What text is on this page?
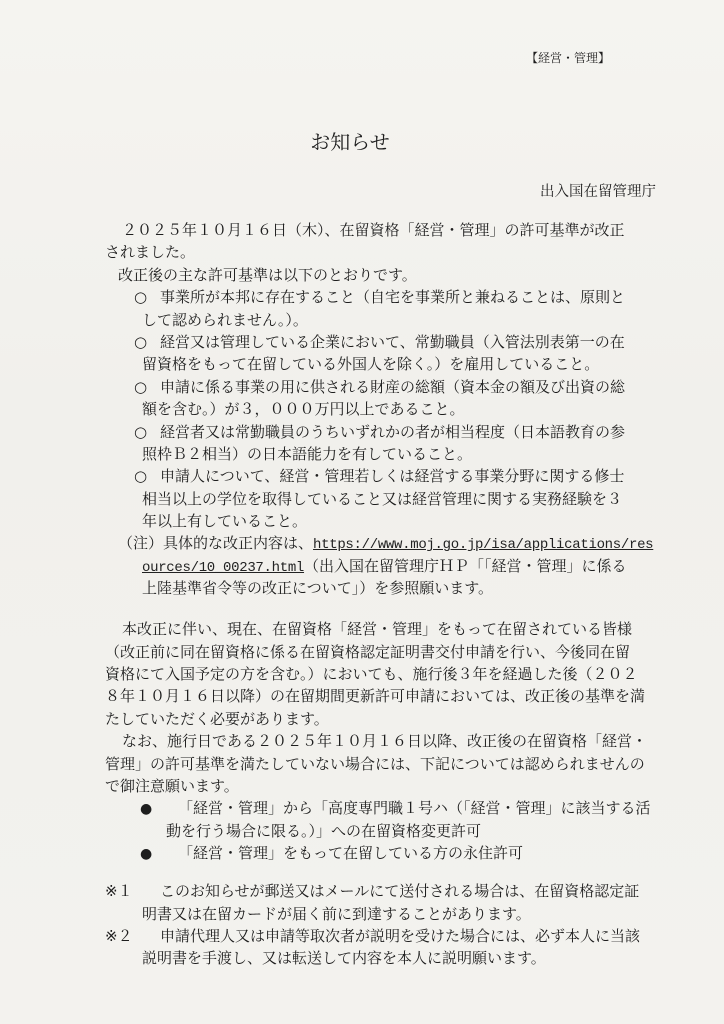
【経営・管理】
お知らせ
出入国在留管理庁
２０２５年１０月１６日（木）、在留資格「経営・管理」の許可基準が改正
されました。
改正後の主な許可基準は以下のとおりです。
○ 事業所が本邦に存在すること（自宅を事業所と兼ねることは、原則と
して認められません。）。
○ 経営又は管理している企業において、常勤職員（入管法別表第一の在
留資格をもって在留している外国人を除く。）を雇用していること。
○ 申請に係る事業の用に供される財産の総額（資本金の額及び出資の総
額を含む。）が３，０００万円以上であること。
○ 経営者又は常勤職員のうちいずれかの者が相当程度（日本語教育の参
照枠Ｂ２相当）の日本語能力を有していること。
○ 申請人について、経営・管理若しくは経営する事業分野に関する修士
相当以上の学位を取得していること又は経営管理に関する実務経験を３
年以上有していること。
（注）具体的な改正内容は、https://www.moj.go.jp/isa/applications/res
ources/10_00237.html（出入国在留管理庁ＨＰ「「経営・管理」に係る
上陸基準省令等の改正について」）を参照願います。
本改正に伴い、現在、在留資格「経営・管理」をもって在留されている皆様
（改正前に同在留資格に係る在留資格認定証明書交付申請を行い、今後同在留
資格にて入国予定の方を含む。）においても、施行後３年を経過した後（２０２
８年１０月１６日以降）の在留期間更新許可申請においては、改正後の基準を満
たしていただく必要があります。
なお、施行日である２０２５年１０月１６日以降、改正後の在留資格「経営・
管理」の許可基準を満たしていない場合には、下記については認められませんの
で御注意願います。
● 「経営・管理」から「高度専門職１号ハ（「経営・管理」に該当する活
動を行う場合に限る。）」への在留資格変更許可
● 「経営・管理」をもって在留している方の永住許可
※１ このお知らせが郵送又はメールにて送付される場合は、在留資格認定証
明書又は在留カードが届く前に到達することがあります。
※２ 申請代理人又は申請等取次者が説明を受けた場合には、必ず本人に当該
説明書を手渡し、又は転送して内容を本人に説明願います。
